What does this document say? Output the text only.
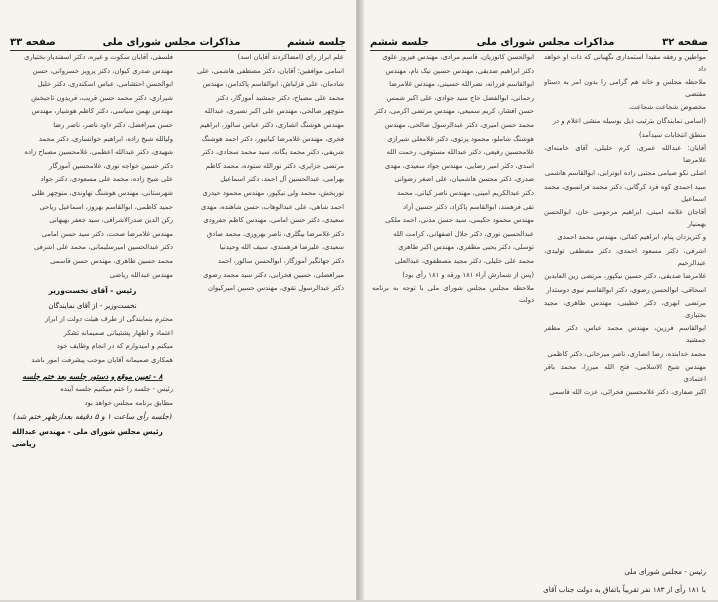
صفحه ۳۲
مذاکرات مجلس شورای ملی
جلسه ششم

مواطین و رفقه مقیدا استمداری نگهبانی که ذات او خواهد داد

ملاحظه مجلس و خانه هم گرامی را بدون امر به دستاو مقتضی

مخصوص شجاعت شجاعت.

(اسامی نمایندگان بترتیب ذیل بوسیله منشی اعلام و در

منطق انتخابات سیدآمد)

آقایان: عبدالله عمری، کرم خلیلی، آقای خامنه‌ای، غلامرضا

اصلی نکو صیامی مجتبی زاده ابوترابی، ابوالقاسم هاشمی

سید احمدی کوه فرد کرگانی، دکتر محمد فرانسوی، محمد اسماعیل

آقاجان علامه امینی، ابراهیم مرحومی خان، ابوالحسن بهمنیار

و کتریزدان پنام، ابراهیم کفائی، مهندس محمد احمدی

اشرفی، دکتر مسعود احمدی، دکتر مصطفی تولیدی، عبدالرحیم

غلامرضا صدیقی، دکتر حسین نیکپور، مرتضی زین العابدین

اسحاقی، ابوالحسن رضوی، دکتر ابوالقاسم نبوی دوستدار

مرتضی ابهری، دکتر خطیبی، مهندس طاهری، مجید بختیاری

ابوالقاسم فرزین، مهندس محمد عباس، دکتر مظفر جمشید

محمد خدابنده، رضا انصاری، ناصر میرخانی، دکتر کاظمی

مهندس شیخ الاسلامی، فتح الله میرزا، محمد باقر اعتمادی

اکبر صفاری، دکتر غلامحسین فخرائی، عزت الله قاسمی

ابوالحسن کاتوزیان، قاسم مرادی، مهندس فیروز علوی

دکتر ابراهیم صدیقی، مهندس حسین نیک نام، مهندس

ابوالقاسم فرزانه، نصرالله حسینی، مهندس غلامرضا

رحمانی، ابوالفضل حاج سید جوادی، علی اکبر شمس

حسن افشار، کریم سمیعی، مهندس مرتضی اکرمی، دکتر

محمد حسن امیری، دکتر عبدالرسول صالحی، مهندس

هوشنگ شاملو، محمود پرتوی، دکتر غلامعلی شیرازی

غلامحسین رفیعی، دکتر عبدالله مستوفی، رحمت الله

اسدی، دکتر امیر رضایی، مهندس جواد سعیدی، مهدی

صدری، دکتر محسن هاشمیان، علی اصغر رضوانی

دکتر عبدالکریم امینی، مهندس ناصر کیانی، محمد

تقی فرهمند، ابوالقاسم پاکزاد، دکتر حسین آزاد

مهندس محمود حکیمی، سید حسن مدنی، احمد ملکی

عبدالحسین نوری، دکتر جلال اصفهانی، کرامت الله

توسلی، دکتر یحیی مظفری، مهندس اکبر طاهری

محمد علی خلیلی، دکتر مجید مصطفوی، عبدالعلی

(پس از شمارش آراء ۱۸۱ ورقه و ۱۸۱ رأی بود)

ملاحظه مجلس مجلس شورای ملی با توجه به برنامه دولت

رئیس - مجلس شورای ملی

با ۱۸۱ رأی از ۱۸۳ نفر تقریباً باتفاق به دولت جناب آقای

جلسه ششم
مذاکرات مجلس شورای ملی
صفحه ۳۳

علم ابراز رای (امضاکردند آقایان اسد)

اسامی موافقین: آقایان، دکتر مصطفی هاشمی، علی

شادمان، علی قزلباش، ابوالقاسم پاکدامن، مهندس

محمد علی مصباح، دکتر جمشید آموزگار، دکتر

منوچهر صالحی، مهندس علی اکبر نصیری، عبدالله

مهندس هوشنگ انصاری، دکتر عباس سالور، ابراهیم

فخری، مهندس غلامرضا کیانپور، دکتر احمد هوشنگ

شریفی، دکتر محمد یگانه، سید محمد سجادی، دکتر

مرتضی جزایری، دکتر نورالله ستوده، محمد کاظم

بهرامی، عبدالحسین آل احمد، دکتر اسماعیل

نوربخش، محمد ولی نیکپور، مهندس محمود حیدری

احمد شاهی، علی عبدالوهاب، حسن شاهنده، مهدی

سعیدی، دکتر حسن امامی، مهندس کاظم جفرودی

دکتر غلامرضا بیگلری، ناصر بهروزی، محمد صادق

سعیدی، علیرضا فرهمندی، سیف الله وحیدنیا

دکتر جهانگیر آموزگار، ابوالحسن سالور، احمد

میرافضلی، حسین فخرایی، دکتر سید محمد رضوی

دکتر عبدالرسول تقوی، مهندس حسین امیرکیوان

فلسفی، آقایان سکوت و غیره، دکتر اسفندیار بختیاری

مهندس صدری کیوان، دکتر پرویز خسروانی، حسن

ابوالحسن احتشامی، عباس اسکندری، دکتر خلیل

شیرازی، دکتر محمد حسن قریب، فریدون تاجبخش

مهندس بهمن سیاسی، دکتر کاظم هوشیار، مهندس

حسن میرافضل، دکتر داود ناصر، ناصر رضا

ولیالله شیخ زاده، ابراهیم خوانساری، دکتر محمد

شهیدی، دکتر عبدالله اعظمی، غلامحسین مصباح زاده

دکتر حسین خواجه نوری، غلامحسین آموزگار

علی شیخ زاده، محمد علی مسعودی، دکتر جواد

شهرستانی، مهندس هوشنگ نهاوندی، منوچهر ظلی

حمید کاظمی، ابوالقاسم بهروز، اسماعیل ریاحی

رکن الدین صدرالاشرافی، سید جعفر بهبهانی

مهندس غلامرضا صحت، دکتر سید حسن امامی

دکتر عبدالحسین امیرسلیمانی، محمد علی اشرفی

محمد حسین طاهری، مهندس حسن قاسمی

مهندس عبدالله ریاضی

رئیس - آقای نخست‌وزیر
نخست‌وزیر - از آقای نمایندگان

محترم بنمایندگی از طرف هیئت دولت از ابراز

اعتماد و اظهار پشتیبانی صمیمانه تشکر

میکنم و امیدوارم که در انجام وظایف خود

همکاری صمیمانه آقایان موجب پیشرفت امور باشد

۸ - تعیین موقع و دستور جلسه بعد ختم جلسه

رئیس - جلسه را ختم میکنیم جلسه آینده

مطابق برنامه مجلس خواهد بود

(جلسه رأی ساعت ۱ و ۵ دقیقه بعدازظهر ختم شد)
رئیس مجلس شورای ملی - مهندس عبدالله ریاضی
